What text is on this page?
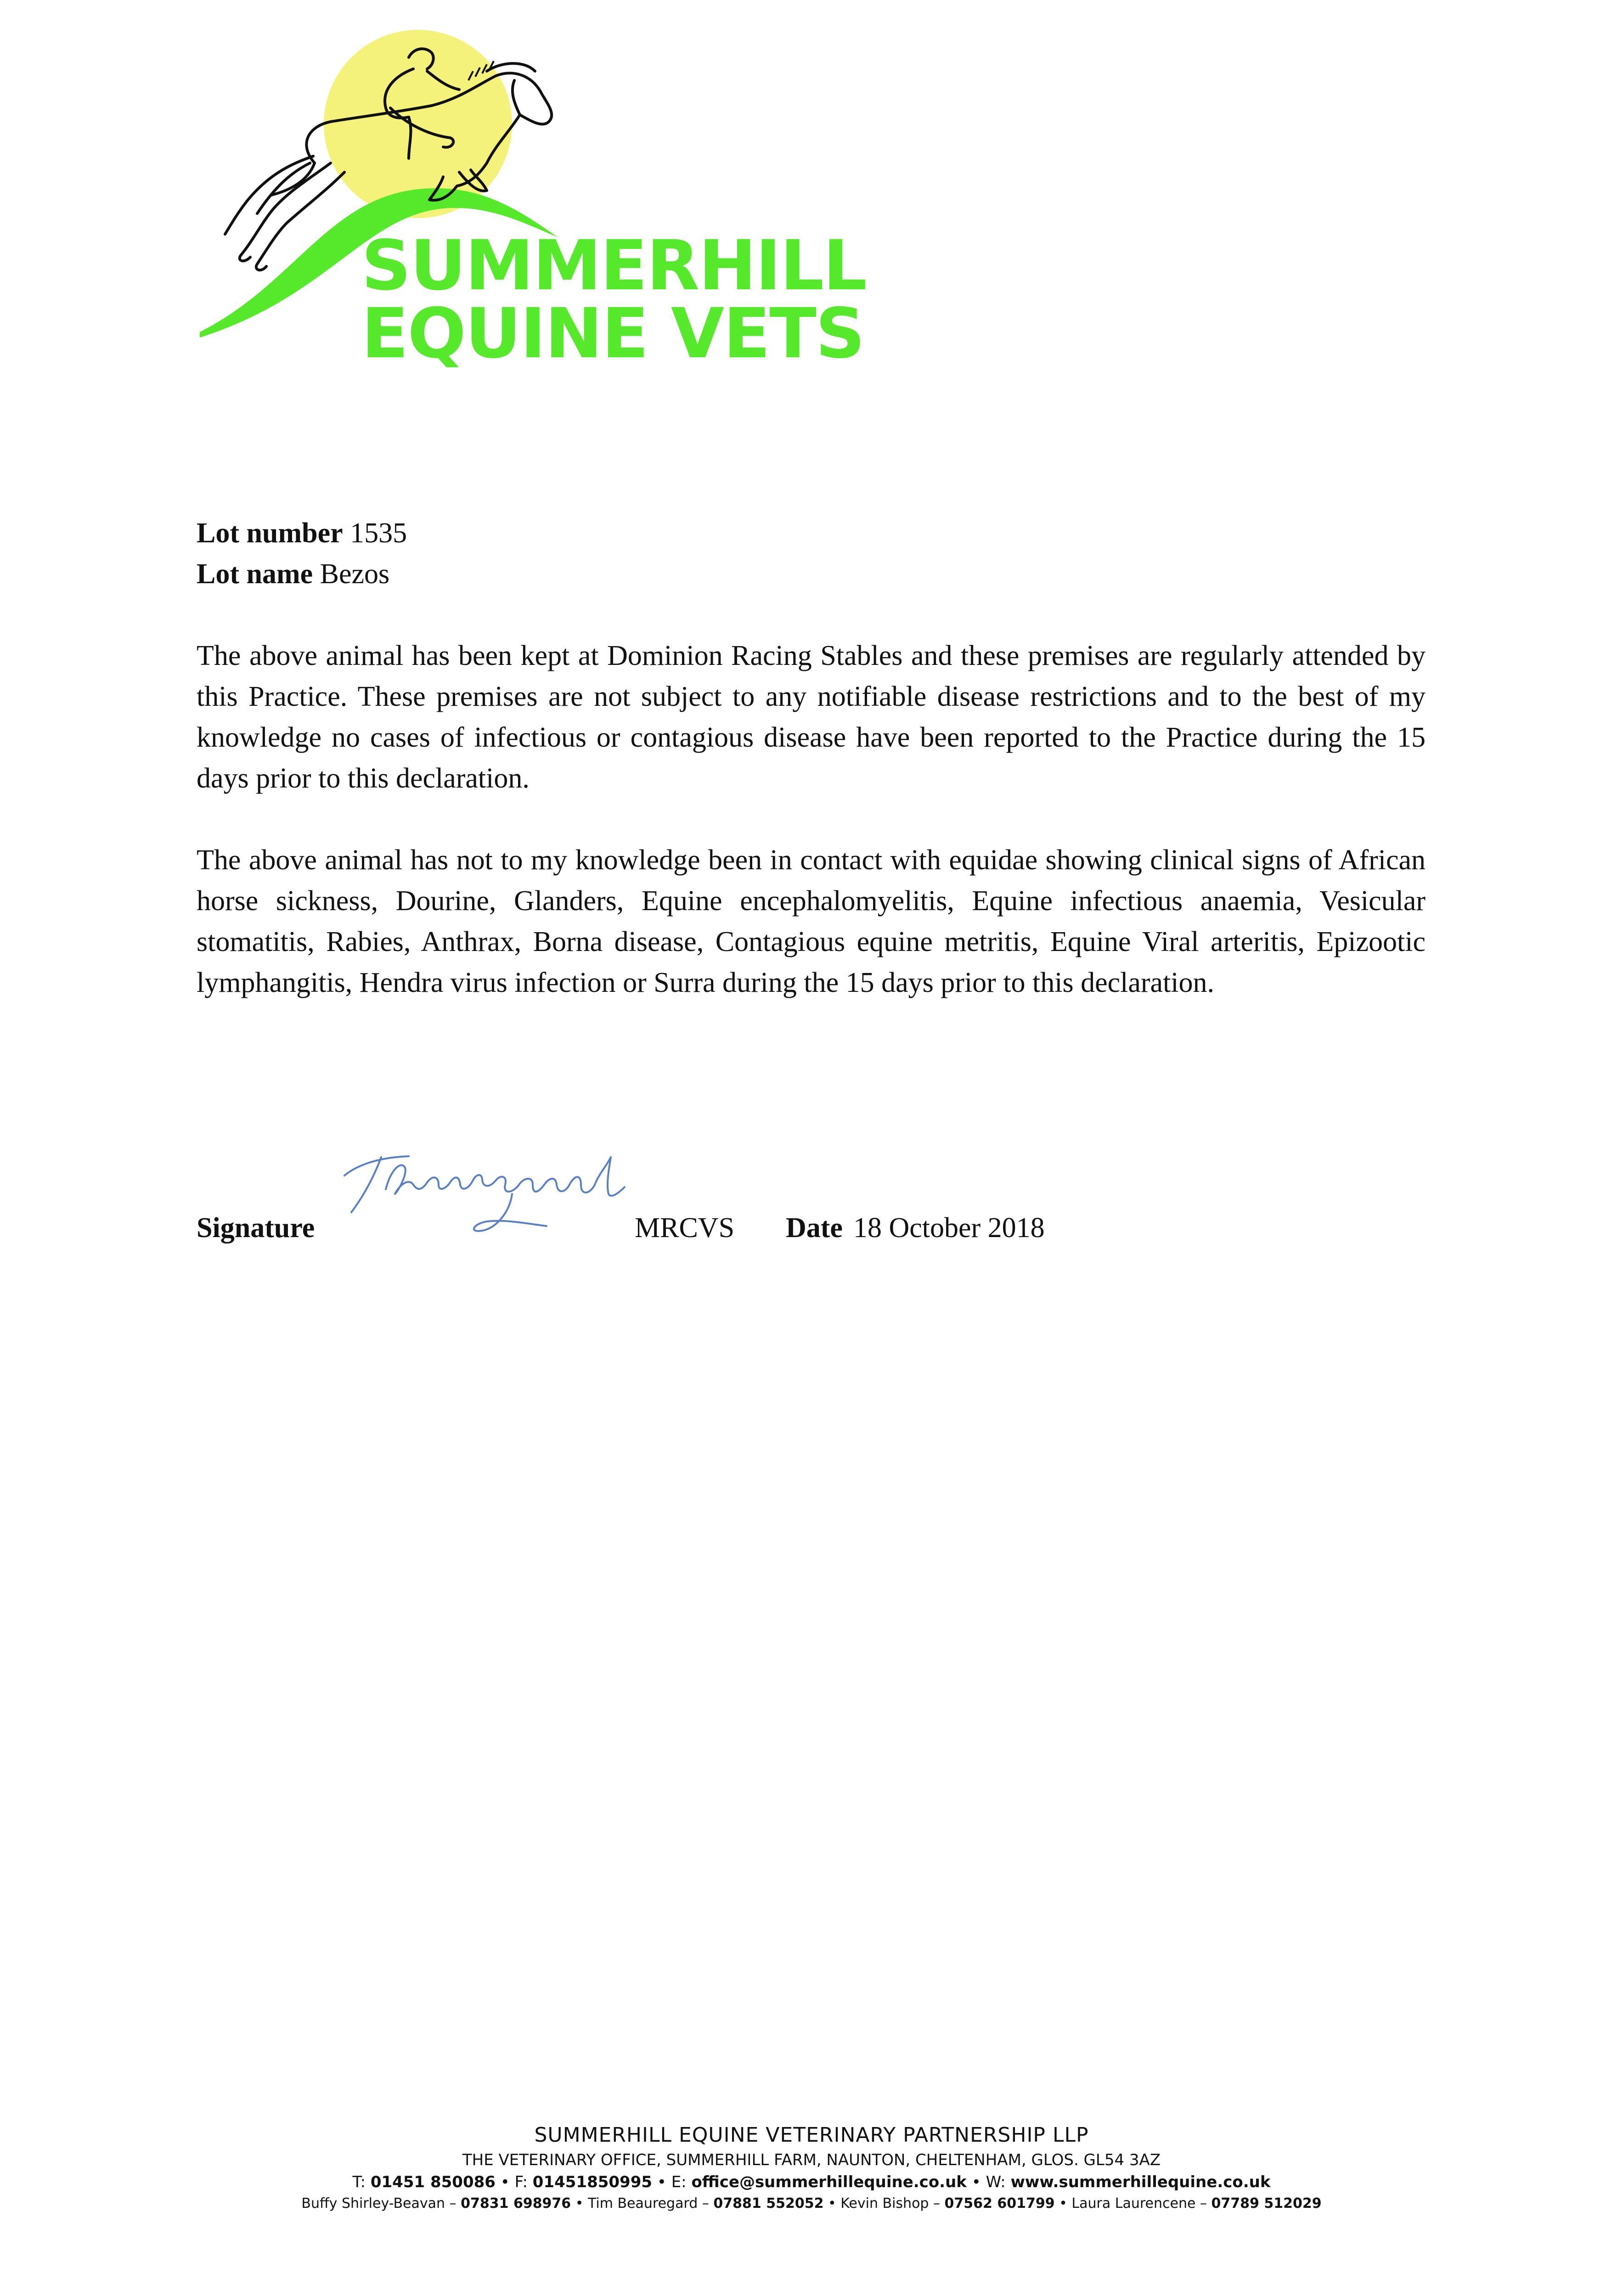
SUMMERHILL
EQUINE VETS
Lot number 1535
Lot name Bezos
The above animal has been kept at Dominion Racing Stables and these premises are regularly attended by this Practice. These premises are not subject to any notifiable disease restrictions and to the best of my knowledge no cases of infectious or contagious disease have been reported to the Practice during the 15 days prior to this declaration.
The above animal has not to my knowledge been in contact with equidae showing clinical signs of African horse sickness, Dourine, Glanders, Equine encephalomyelitis, Equine infectious anaemia, Vesicular stomatitis, Rabies, Anthrax, Borna disease, Contagious equine metritis, Equine Viral arteritis, Epizootic lymphangitis, Hendra virus infection or Surra during the 15 days prior to this declaration.
Signature	MRCVS Date 18 October 2018
SUMMERHILL EQUINE VETERINARY PARTNERSHIP LLP
THE VETERINARY OFFICE, SUMMERHILL FARM, NAUNTON, CHELTENHAM, GLOS. GL54 3AZ
T: 01451 850086 • F: 01451850995 • E: office@summerhillequine.co.uk • W: www.summerhillequine.co.uk
Buffy Shirley-Beavan – 07831 698976 • Tim Beauregard – 07881 552052 • Kevin Bishop – 07562 601799 • Laura Laurencene – 07789 512029
